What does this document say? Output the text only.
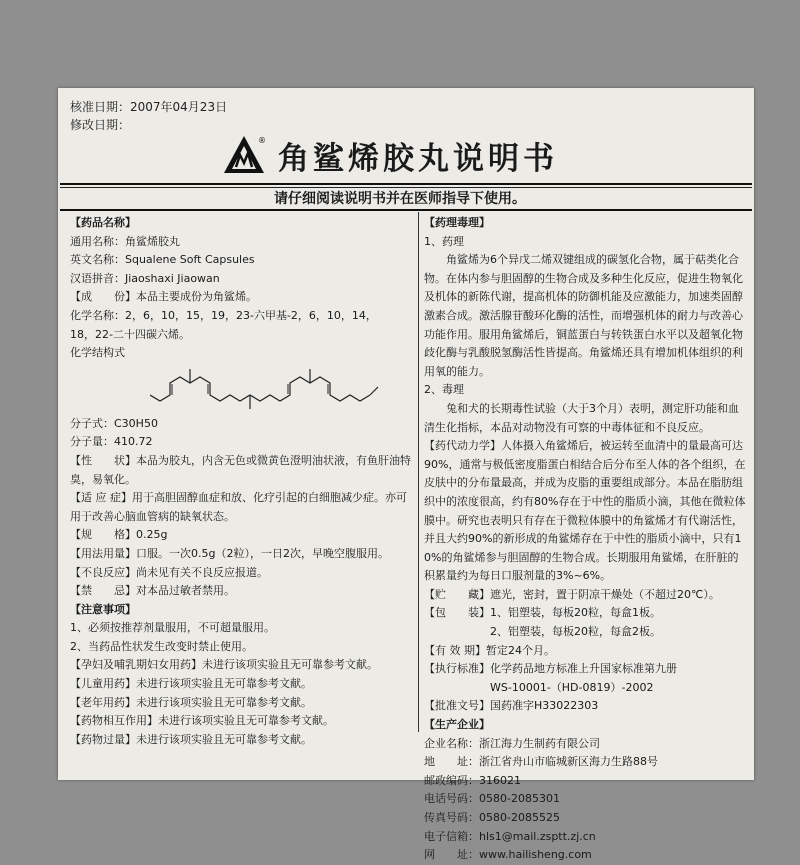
核准日期：2007年04月23日
修改日期：
® 角鲨烯胶丸说明书
请仔细阅读说明书并在医师指导下使用。
【药品名称】
通用名称：角鲨烯胶丸
英文名称：Squalene Soft Capsules
汉语拼音：Jiaoshaxi Jiaowan
【成　　份】本品主要成份为角鲨烯。
化学名称：2，6，10，15，19，23-六甲基-2，6，10，14，
18，22-二十四碳六烯。
化学结构式
分子式：C30H50
分子量：410.72
【性　　状】本品为胶丸，内含无色或微黄色澄明油状液，有鱼肝油特臭，易氧化。
【适 应 症】用于高胆固醇血症和放、化疗引起的白细胞减少症。亦可用于改善心脑血管病的缺氧状态。
【规　　格】0.25g
【用法用量】口服。一次0.5g（2粒），一日2次，早晚空腹服用。
【不良反应】尚未见有关不良反应报道。
【禁　　忌】对本品过敏者禁用。
【注意事项】
1、必须按推荐剂量服用，不可超量服用。
2、当药品性状发生改变时禁止使用。
【孕妇及哺乳期妇女用药】未进行该项实验且无可靠参考文献。
【儿童用药】未进行该项实验且无可靠参考文献。
【老年用药】未进行该项实验且无可靠参考文献。
【药物相互作用】未进行该项实验且无可靠参考文献。
【药物过量】未进行该项实验且无可靠参考文献。
【药理毒理】
1、药理
角鲨烯为6个异戊二烯双键组成的碳氢化合物，属于萜类化合物。在体内参与胆固醇的生物合成及多种生化反应，促进生物氧化及机体的新陈代谢，提高机体的防御机能及应激能力，加速类固醇激素合成。激活腺苷酸环化酶的活性，而增强机体的耐力与改善心功能作用。服用角鲨烯后，铜蓝蛋白与转铁蛋白水平以及超氧化物歧化酶与乳酸脱氢酶活性皆提高。角鲨烯还具有增加机体组织的利用氧的能力。
2、毒理
兔和犬的长期毒性试验（大于3个月）表明，测定肝功能和血清生化指标，本品对动物没有可察的中毒体征和不良反应。
【药代动力学】人体摄入角鲨烯后，被运转至血清中的量最高可达90%，通常与极低密度脂蛋白相结合后分布至人体的各个组织，在皮肤中的分布量最高，并成为皮脂的重要组成部分。本品在脂肪组织中的浓度很高，约有80%存在于中性的脂质小滴，其他在微粒体膜中。研究也表明只有存在于微粒体膜中的角鲨烯才有代谢活性，并且大约90%的新形成的角鲨烯存在于中性的脂质小滴中，只有10%的角鲨烯参与胆固醇的生物合成。长期服用角鲨烯，在肝脏的积累量约为每日口服剂量的3%~6%。
【贮　　藏】遮光，密封，置于阴凉干燥处（不超过20℃）。
【包　　装】1、铝塑装，每板20粒，每盒1板。
　　　　　　2、铝塑装，每板20粒，每盒2板。
【有 效 期】暂定24个月。
【执行标准】化学药品地方标准上升国家标准第九册
　　　　　　WS-10001-（HD-0819）-2002
【批准文号】国药准字H33022303
【生产企业】
企业名称：浙江海力生制药有限公司
地　　址：浙江省舟山市临城新区海力生路88号
邮政编码：316021
电话号码：0580-2085301
传真号码：0580-2085525
电子信箱：hls1@mail.zsptt.zj.cn
网　　址：www.hailisheng.com
